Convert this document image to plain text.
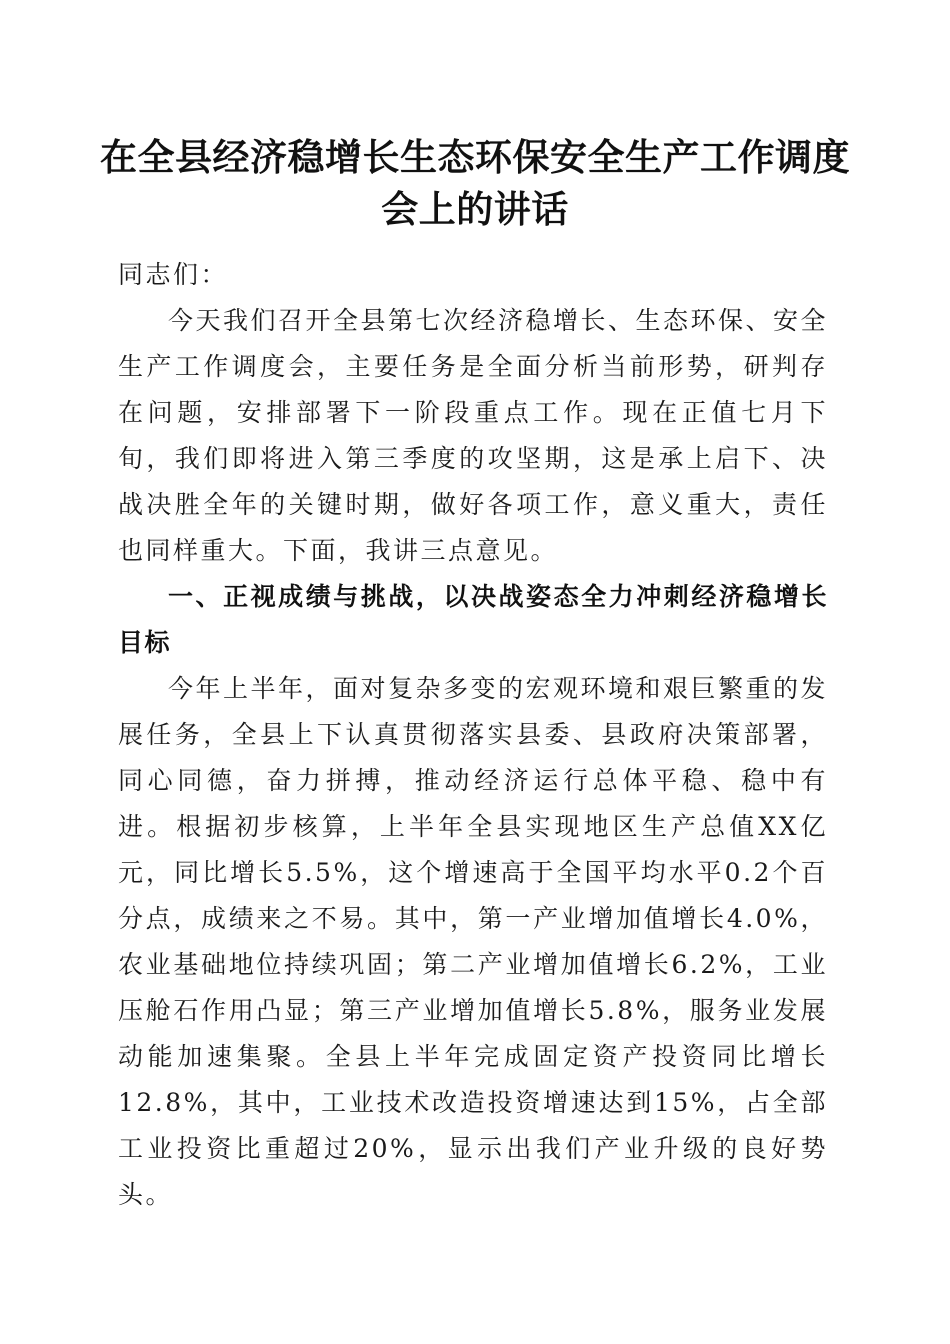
在全县经济稳增长生态环保安全生产工作调度
会上的讲话

同志们：

今天我们召开全县第七次经济稳增长、生态环保、安全生产工作调度会，主要任务是全面分析当前形势，研判存在问题，安排部署下一阶段重点工作。现在正值七月下旬，我们即将进入第三季度的攻坚期，这是承上启下、决战决胜全年的关键时期，做好各项工作，意义重大，责任也同样重大。下面，我讲三点意见。

一、正视成绩与挑战，以决战姿态全力冲刺经济稳增长目标

今年上半年，面对复杂多变的宏观环境和艰巨繁重的发展任务，全县上下认真贯彻落实县委、县政府决策部署，同心同德，奋力拼搏，推动经济运行总体平稳、稳中有进。根据初步核算，上半年全县实现地区生产总值XX亿元，同比增长5.5%，这个增速高于全国平均水平0.2个百分点，成绩来之不易。其中，第一产业增加值增长4.0%，农业基础地位持续巩固；第二产业增加值增长6.2%，工业压舱石作用凸显；第三产业增加值增长5.8%，服务业发展动能加速集聚。全县上半年完成固定资产投资同比增长12.8%，其中，工业技术改造投资增速达到15%，占全部工业投资比重超过20%，显示出我们产业升级的良好势头。
